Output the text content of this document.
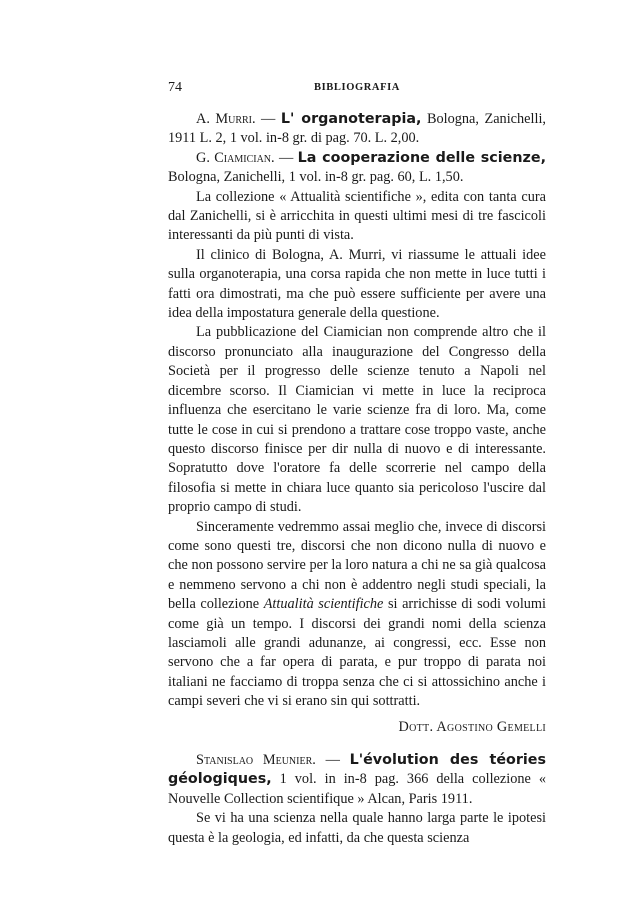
74	BIBLIOGRAFIA

A. Murri. — L' organoterapia, Bologna, Zanichelli, 1911 L. 2, 1 vol. in-8 gr. di pag. 70. L. 2,00.

G. Ciamician. — La cooperazione delle scienze, Bologna, Zanichelli, 1 vol. in-8 gr. pag. 60, L. 1,50.

La collezione « Attualità scientifiche », edita con tanta cura dal Zanichelli, si è arricchita in questi ultimi mesi di tre fascicoli interessanti da più punti di vista.

Il clinico di Bologna, A. Murri, vi riassume le attuali idee sulla organoterapia, una corsa rapida che non mette in luce tutti i fatti ora dimostrati, ma che può essere sufficiente per avere una idea della impostatura generale della questione.

La pubblicazione del Ciamician non comprende altro che il discorso pronunciato alla inaugurazione del Congresso della Società per il progresso delle scienze tenuto a Napoli nel dicembre scorso. Il Ciamician vi mette in luce la reciproca influenza che esercitano le varie scienze fra di loro. Ma, come tutte le cose in cui si prendono a trattare cose troppo vaste, anche questo discorso finisce per dir nulla di nuovo e di interessante. Sopratutto dove l'oratore fa delle scorrerie nel campo della filosofia si mette in chiara luce quanto sia pericoloso l'uscire dal proprio campo di studi.

Sinceramente vedremmo assai meglio che, invece di discorsi come sono questi tre, discorsi che non dicono nulla di nuovo e che non possono servire per la loro natura a chi ne sa già qualcosa e nemmeno servono a chi non è addentro negli studi speciali, la bella collezione Attualità scientifiche si arrichisse di sodi volumi come già un tempo. I discorsi dei grandi nomi della scienza lasciamoli alle grandi adunanze, ai congressi, ecc. Esse non servono che a far opera di parata, e pur troppo di parata noi italiani ne facciamo di troppa senza che ci si attossichino anche i campi severi che vi si erano sin qui sottratti.

Dott. Agostino Gemelli

Stanislao Meunier. — L'évolution des téories géologiques, 1 vol. in in-8 pag. 366 della collezione « Nouvelle Collection scientifique » Alcan, Paris 1911.

Se vi ha una scienza nella quale hanno larga parte le ipotesi questa è la geologia, ed infatti, da che questa scienza
